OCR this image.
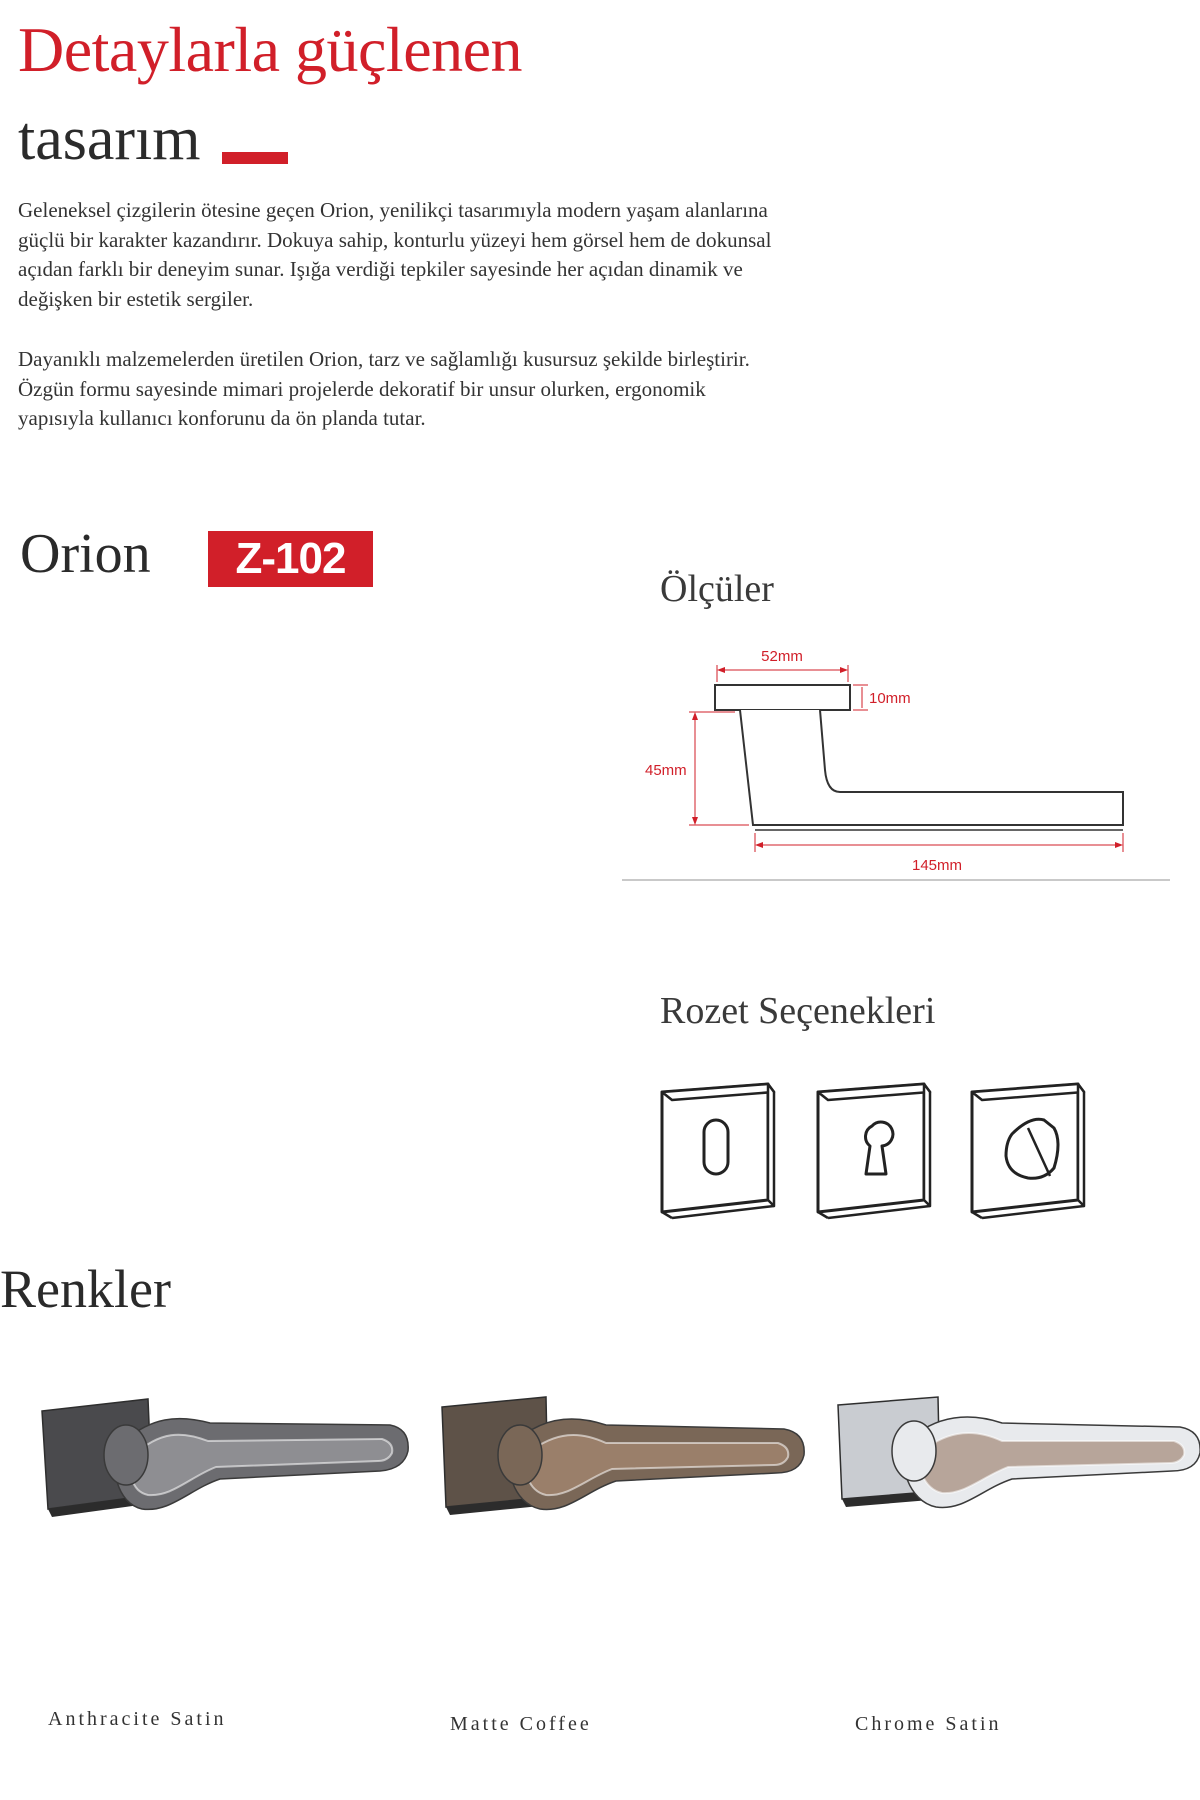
Detaylarla güçlenen
tasarım

Geleneksel çizgilerin ötesine geçen Orion, yenilikçi tasarımıyla modern yaşam alanlarına güçlü bir karakter kazandırır. Dokuya sahip, konturlu yüzeyi hem görsel hem de dokunsal açıdan farklı bir deneyim sunar. Işığa verdiği tepkiler sayesinde her açıdan dinamik ve değişken bir estetik sergiler.

Dayanıklı malzemelerden üretilen Orion, tarz ve sağlamlığı kusursuz şekilde birleştirir. Özgün formu sayesinde mimari projelerde dekoratif bir unsur olurken, ergonomik yapısıyla kullanıcı konforunu da ön planda tutar.

Orion	Z-102
Ölçüler
52mm
10mm
45mm
145mm
Rozet Seçenekleri
Renkler

Anthracite Satin	Matte Coffee	Chrome Satin
